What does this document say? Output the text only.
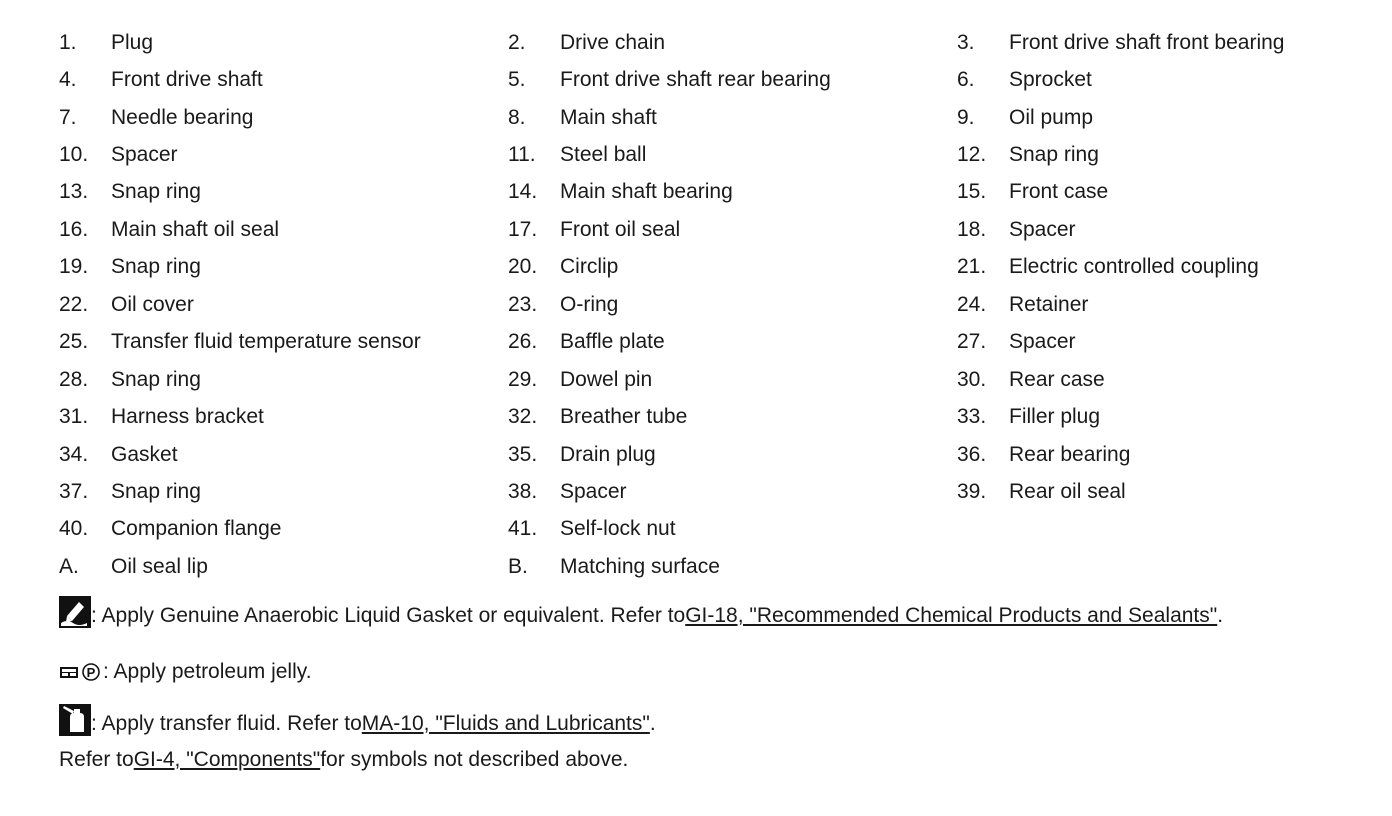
1.	Plug	2.	Drive chain	3.	Front drive shaft front bearing
4.	Front drive shaft	5.	Front drive shaft rear bearing	6.	Sprocket
7.	Needle bearing	8.	Main shaft	9.	Oil pump
10.	Spacer	11.	Steel ball	12.	Snap ring
13.	Snap ring	14.	Main shaft bearing	15.	Front case
16.	Main shaft oil seal	17.	Front oil seal	18.	Spacer
19.	Snap ring	20.	Circlip	21.	Electric controlled coupling
22.	Oil cover	23.	O-ring	24.	Retainer
25.	Transfer fluid temperature sensor	26.	Baffle plate	27.	Spacer
28.	Snap ring	29.	Dowel pin	30.	Rear case
31.	Harness bracket	32.	Breather tube	33.	Filler plug
34.	Gasket	35.	Drain plug	36.	Rear bearing
37.	Snap ring	38.	Spacer	39.	Rear oil seal
40.	Companion flange	41.	Self-lock nut
A.	Oil seal lip	B.	Matching surface
: Apply Genuine Anaerobic Liquid Gasket or equivalent. Refer to GI-18, "Recommended Chemical Products and Sealants" .
P : Apply petroleum jelly.
: Apply transfer fluid. Refer to MA-10, "Fluids and Lubricants" .
Refer to GI-4, "Components" for symbols not described above.
